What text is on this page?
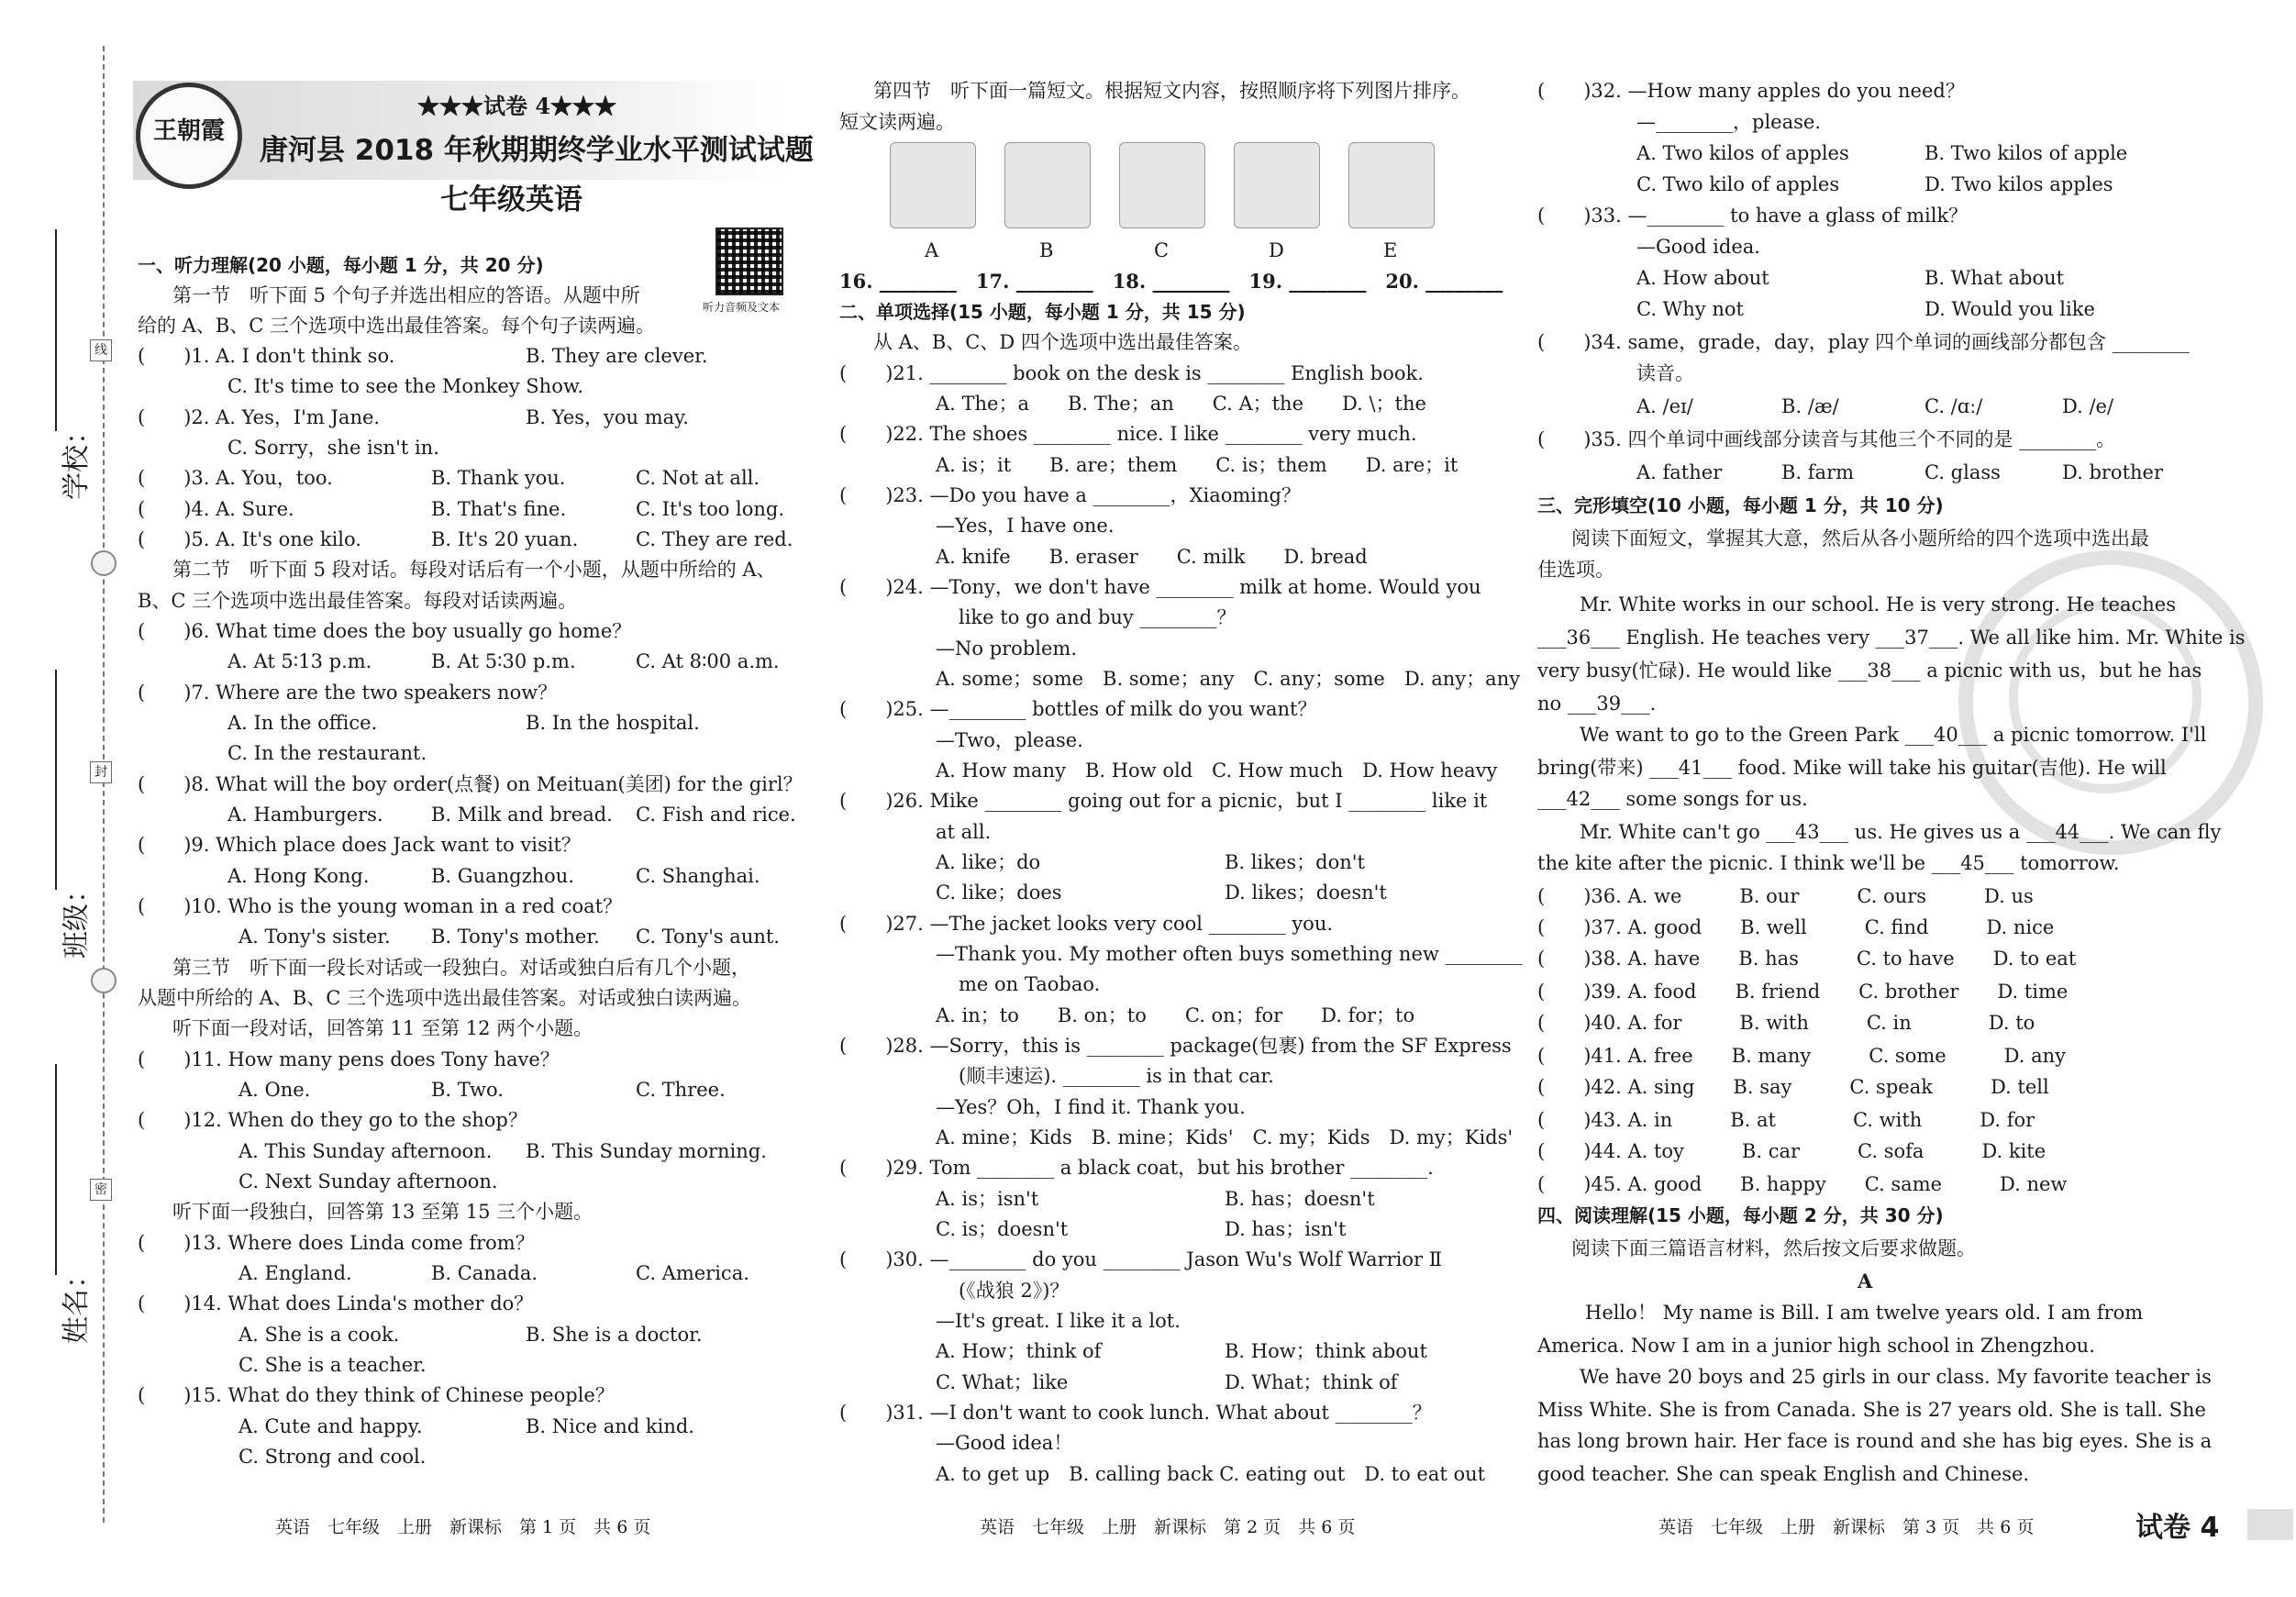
线
封
密
学校：
班级：
姓名：
王朝霞
★★★试卷 4★★★
唐河县 2018 年秋期期终学业水平测试试题
七年级英语
听力音频及文本
一、听力理解(20 小题，每小题 1 分，共 20 分)
第一节　听下面 5 个句子并选出相应的答语。从题中所
给的 A、B、C 三个选项中选出最佳答案。每个句子读两遍。
(　　)1. A. I don't think so.	B. They are clever.
C. It's time to see the Monkey Show.
(　　)2. A. Yes，I'm Jane.	B. Yes，you may.
C. Sorry，she isn't in.
(　　)3. A. You，too.	B. Thank you.	C. Not at all.
(　　)4. A. Sure.	B. That's fine.	C. It's too long.
(　　)5. A. It's one kilo.	B. It's 20 yuan.	C. They are red.
第二节　听下面 5 段对话。每段对话后有一个小题，从题中所给的 A、
B、C 三个选项中选出最佳答案。每段对话读两遍。
(　　)6. What time does the boy usually go home？
A. At 5∶13 p.m.	B. At 5∶30 p.m.	C. At 8∶00 a.m.
(　　)7. Where are the two speakers now？
A. In the office.	B. In the hospital.
C. In the restaurant.
(　　)8. What will the boy order(点餐) on Meituan(美团) for the girl？
A. Hamburgers. B. Milk and bread. C. Fish and rice.
(　　)9. Which place does Jack want to visit？
A. Hong Kong.	B. Guangzhou.	C. Shanghai.
(　　)10. Who is the young woman in a red coat？
A. Tony's sister. B. Tony's mother. C. Tony's aunt.
第三节　听下面一段长对话或一段独白。对话或独白后有几个小题，
从题中所给的 A、B、C 三个选项中选出最佳答案。对话或独白读两遍。
听下面一段对话，回答第 11 至第 12 两个小题。
(　　)11. How many pens does Tony have？
A. One.	B. Two.	C. Three.
(　　)12. When do they go to the shop？
A. This Sunday afternoon. B. This Sunday morning.
C. Next Sunday afternoon.
听下面一段独白，回答第 13 至第 15 三个小题。
(　　)13. Where does Linda come from？
A. England.	B. Canada.	C. America.
(　　)14. What does Linda's mother do？
A. She is a cook.	B. She is a doctor.
C. She is a teacher.
(　　)15. What do they think of Chinese people？
A. Cute and happy.	B. Nice and kind.
C. Strong and cool.
英语　七年级　上册　新课标　第 1 页　共 6 页
第四节　听下面一篇短文。根据短文内容，按照顺序将下列图片排序。
短文读两遍。
A	B	C	D	E
16. ________　17. ________　18. ________　19. ________　20. ________
二、单项选择(15 小题，每小题 1 分，共 15 分)
从 A、B、C、D 四个选项中选出最佳答案。
(　　)21. ________ book on the desk is ________ English book.
A. The；a　　B. The；an　　C. A；the　　D. \；the
(　　)22. The shoes ________ nice. I like ________ very much.
A. is；it　　B. are；them　　C. is；them　　D. are；it
(　　)23. —Do you have a ________，Xiaoming？
—Yes，I have one.
A. knife　　B. eraser　　C. milk　　D. bread
(　　)24. —Tony，we don't have ________ milk at home. Would you
like to go and buy ________？
—No problem.
A. some；some　B. some；any　C. any；some　D. any；any
(　　)25. —________ bottles of milk do you want？
—Two，please.
A. How many　B. How old　C. How much　D. How heavy
(　　)26. Mike ________ going out for a picnic，but I ________ like it
at all.
A. like；do	B. likes；don't
C. like；does	D. likes；doesn't
(　　)27. —The jacket looks very cool ________ you.
—Thank you. My mother often buys something new ________
me on Taobao.
A. in；to　　B. on；to　　C. on；for　　D. for；to
(　　)28. —Sorry，this is ________ package(包裹) from the SF Express
(顺丰速运). ________ is in that car.
—Yes？Oh，I find it. Thank you.
A. mine；Kids　B. mine；Kids'　C. my；Kids　D. my；Kids'
(　　)29. Tom ________ a black coat，but his brother ________.
A. is；isn't	B. has；doesn't
C. is；doesn't	D. has；isn't
(　　)30. —________ do you ________ Jason Wu's Wolf Warrior Ⅱ
(《战狼 2》)？
—It's great. I like it a lot.
A. How；think of	B. How；think about
C. What；like	D. What；think of
(　　)31. —I don't want to cook lunch. What about ________？
—Good idea！
A. to get up　B. calling back C. eating out　D. to eat out
英语　七年级　上册　新课标　第 2 页　共 6 页
(　　)32. —How many apples do you need？
—________，please.
A. Two kilos of apples	B. Two kilos of apple
C. Two kilo of apples	D. Two kilos apples
(　　)33. —________ to have a glass of milk？
—Good idea.
A. How about	B. What about
C. Why not	D. Would you like
(　　)34. same，grade，day，play 四个单词的画线部分都包含 ________
读音。
A. /eɪ/	B. /æ/	C. /ɑː/	D. /e/
(　　)35. 四个单词中画线部分读音与其他三个不同的是 ________。
A. father	B. farm	C. glass	D. brother
三、完形填空(10 小题，每小题 1 分，共 10 分)
阅读下面短文，掌握其大意，然后从各小题所给的四个选项中选出最
佳选项。
Mr. White works in our school. He is very strong. He teaches
___36___ English. He teaches very ___37___. We all like him. Mr. White is
very busy(忙碌). He would like ___38___ a picnic with us，but he has
no ___39___.
We want to go to the Green Park ___40___ a picnic tomorrow. I'll
bring(带来) ___41___ food. Mike will take his guitar(吉他). He will
___42___ some songs for us.
Mr. White can't go ___43___ us. He gives us a ___44___. We can fly
the kite after the picnic. I think we'll be ___45___ tomorrow.
(　　)36. A. we　　　B. our　　　C. ours　　　D. us
(　　)37. A. good　　B. well　　　C. find　　　D. nice
(　　)38. A. have　　B. has　　　C. to have　　D. to eat
(　　)39. A. food　　B. friend　　C. brother　　D. time
(　　)40. A. for　　　B. with　　　C. in　　　　D. to
(　　)41. A. free　　B. many　　　C. some　　　D. any
(　　)42. A. sing　　B. say　　　C. speak　　　D. tell
(　　)43. A. in　　　B. at　　　　C. with　　　D. for
(　　)44. A. toy　　　B. car　　　C. sofa　　　D. kite
(　　)45. A. good　　B. happy　　C. same　　　D. new
四、阅读理解(15 小题，每小题 2 分，共 30 分)
阅读下面三篇语言材料，然后按文后要求做题。
A
Hello！ My name is Bill. I am twelve years old. I am from
America. Now I am in a junior high school in Zhengzhou.
We have 20 boys and 25 girls in our class. My favorite teacher is
Miss White. She is from Canada. She is 27 years old. She is tall. She
has long brown hair. Her face is round and she has big eyes. She is a
good teacher. She can speak English and Chinese.
英语　七年级　上册　新课标　第 3 页　共 6 页	试卷 4
